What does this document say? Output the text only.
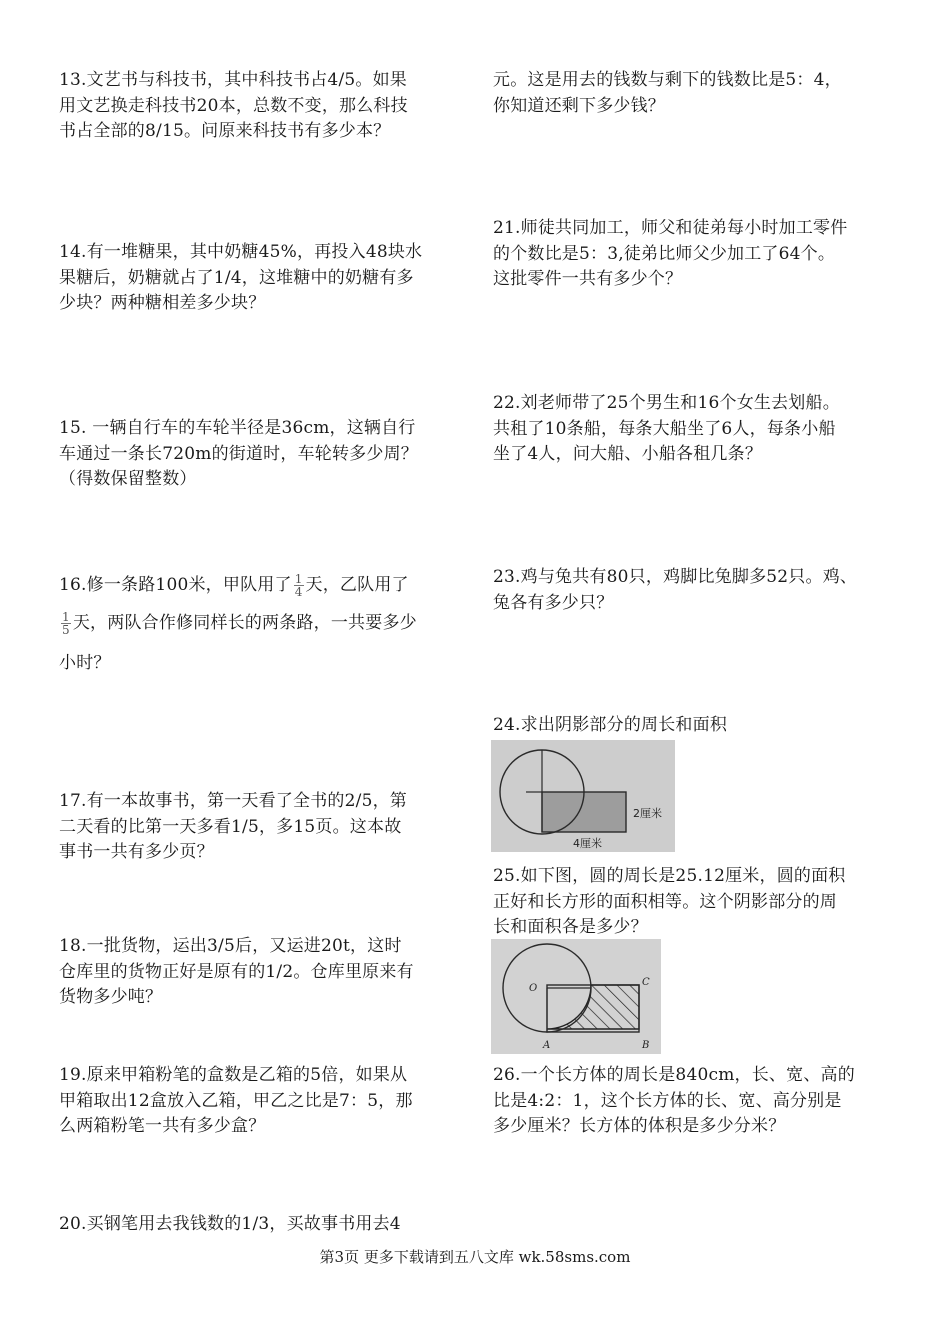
13.文艺书与科技书，其中科技书占4/5。如果

用文艺换走科技书20本，总数不变，那么科技

书占全部的8/15。问原来科技书有多少本？

14.有一堆糖果，其中奶糖45%，再投入48块水

果糖后，奶糖就占了1/4，这堆糖中的奶糖有多

少块？两种糖相差多少块？

15. 一辆自行车的车轮半径是36cm，这辆自行

车通过一条长720m的街道时，车轮转多少周？

（得数保留整数）

16.修一条路100米，甲队用了 $\frac{1}{4}$ 天，乙队用了

$\frac{1}{5}$ 天，两队合作修同样长的两条路，一共要多少

小时？

17.有一本故事书，第一天看了全书的2/5，第

二天看的比第一天多看1/5，多15页。这本故

事书一共有多少页？

18.一批货物，运出3/5后，又运进20t，这时

仓库里的货物正好是原有的1/2。仓库里原来有

货物多少吨？

19.原来甲箱粉笔的盒数是乙箱的5倍，如果从

甲箱取出12盒放入乙箱，甲乙之比是7：5，那

么两箱粉笔一共有多少盒？

20.买钢笔用去我钱数的1/3，买故事书用去4

元。这是用去的钱数与剩下的钱数比是5：4，

你知道还剩下多少钱？

21.师徒共同加工，师父和徒弟每小时加工零件

的个数比是5：3,徒弟比师父少加工了64个。

这批零件一共有多少个？

22.刘老师带了25个男生和16个女生去划船。

共租了10条船，每条大船坐了6人，每条小船

坐了4人，问大船、小船各租几条？

23.鸡与兔共有80只，鸡脚比兔脚多52只。鸡、

兔各有多少只？

24.求出阴影部分的周长和面积

2厘米
4厘米

25.如下图，圆的周长是25.12厘米，圆的面积

正好和长方形的面积相等。这个阴影部分的周

长和面积各是多少？

O
C
A	B

26.一个长方体的周长是840cm，长、宽、高的

比是4:2：1，这个长方体的长、宽、高分别是

多少厘米？长方体的体积是多少分米？

第3页 更多下载请到五八文库 wk.58sms.com
